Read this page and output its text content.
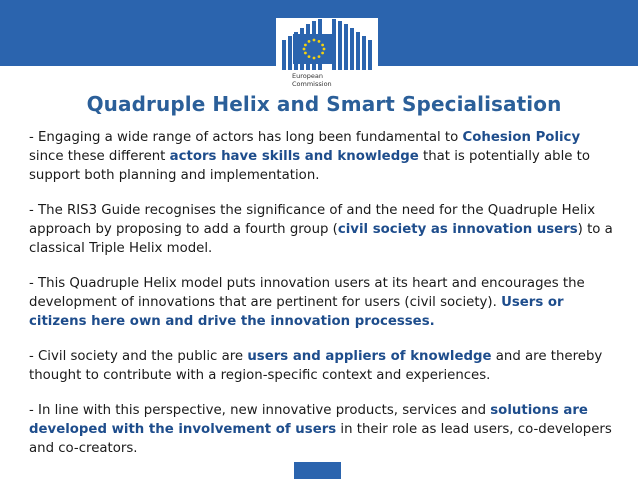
European
Commission
Quadruple Helix and Smart Specialisation

- Engaging a wide range of actors has long been fundamental to Cohesion Policy since these different actors have skills and knowledge that is potentially able to support both planning and implementation.

- The RIS3 Guide recognises the significance of and the need for the Quadruple Helix approach by proposing to add a fourth group (civil society as innovation users) to a classical Triple Helix model.

- This Quadruple Helix model puts innovation users at its heart and encourages the development of innovations that are pertinent for users (civil society). Users or citizens here own and drive the innovation processes.

- Civil society and the public are users and appliers of knowledge and are thereby thought to contribute with a region-specific context and experiences.

- In line with this perspective, new innovative products, services and solutions are developed with the involvement of users in their role as lead users, co-developers and co-creators.
